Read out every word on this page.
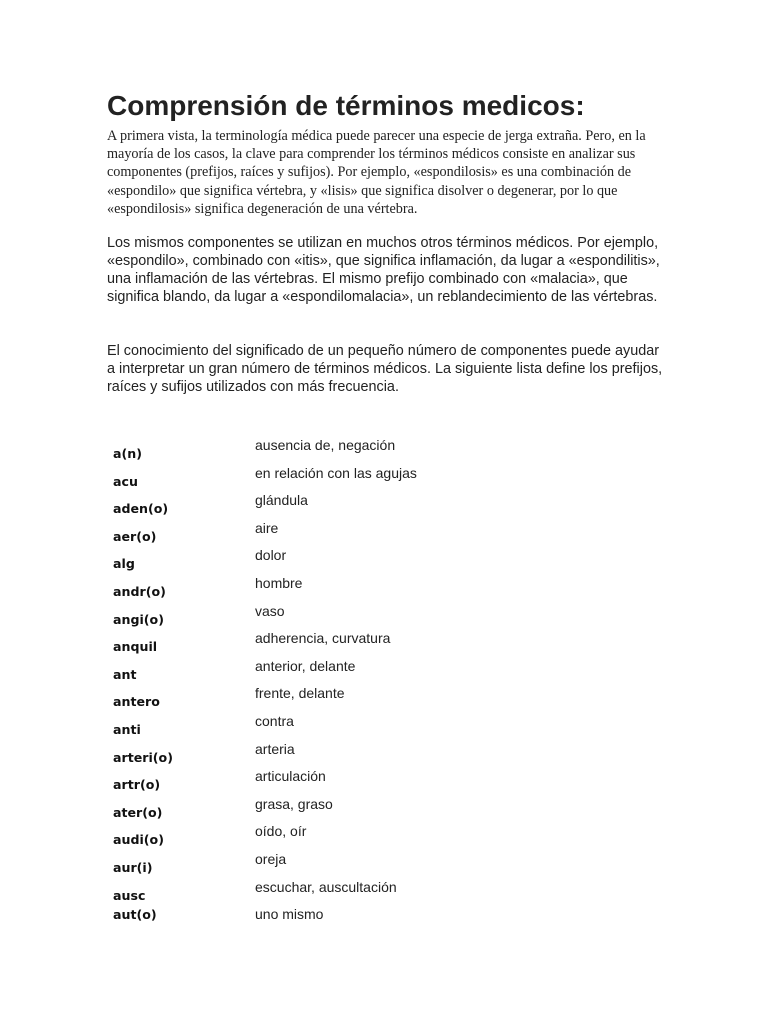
Comprensión de términos medicos:

A primera vista, la terminología médica puede parecer una especie de jerga extraña. Pero, en la mayoría de los casos, la clave para comprender los términos médicos consiste en analizar sus componentes (prefijos, raíces y sufijos). Por ejemplo, «espondilosis» es una combinación de «espondilo» que significa vértebra, y «lisis» que significa disolver o degenerar, por lo que «espondilosis» significa degeneración de una vértebra.

Los mismos componentes se utilizan en muchos otros términos médicos. Por ejemplo, «espondilo», combinado con «itis», que significa inflamación, da lugar a «espondilitis», una inflamación de las vértebras. El mismo prefijo combinado con «malacia», que significa blando, da lugar a «espondilomalacia», un reblandecimiento de las vértebras.

El conocimiento del significado de un pequeño número de componentes puede ayudar a interpretar un gran número de términos médicos. La siguiente lista define los prefijos, raíces y sufijos utilizados con más frecuencia.

a(n)
acu
aden(o)
aer(o)
alg
andr(o)
angi(o)
anquil
ant
antero
anti
arteri(o)
artr(o)
ater(o)
audi(o)
aur(i)
ausc
aut(o)
ausencia de, negación
en relación con las agujas
glándula
aire
dolor
hombre
vaso
adherencia, curvatura
anterior, delante
frente, delante
contra
arteria
articulación
grasa, graso
oído, oír
oreja
escuchar, auscultación
uno mismo
